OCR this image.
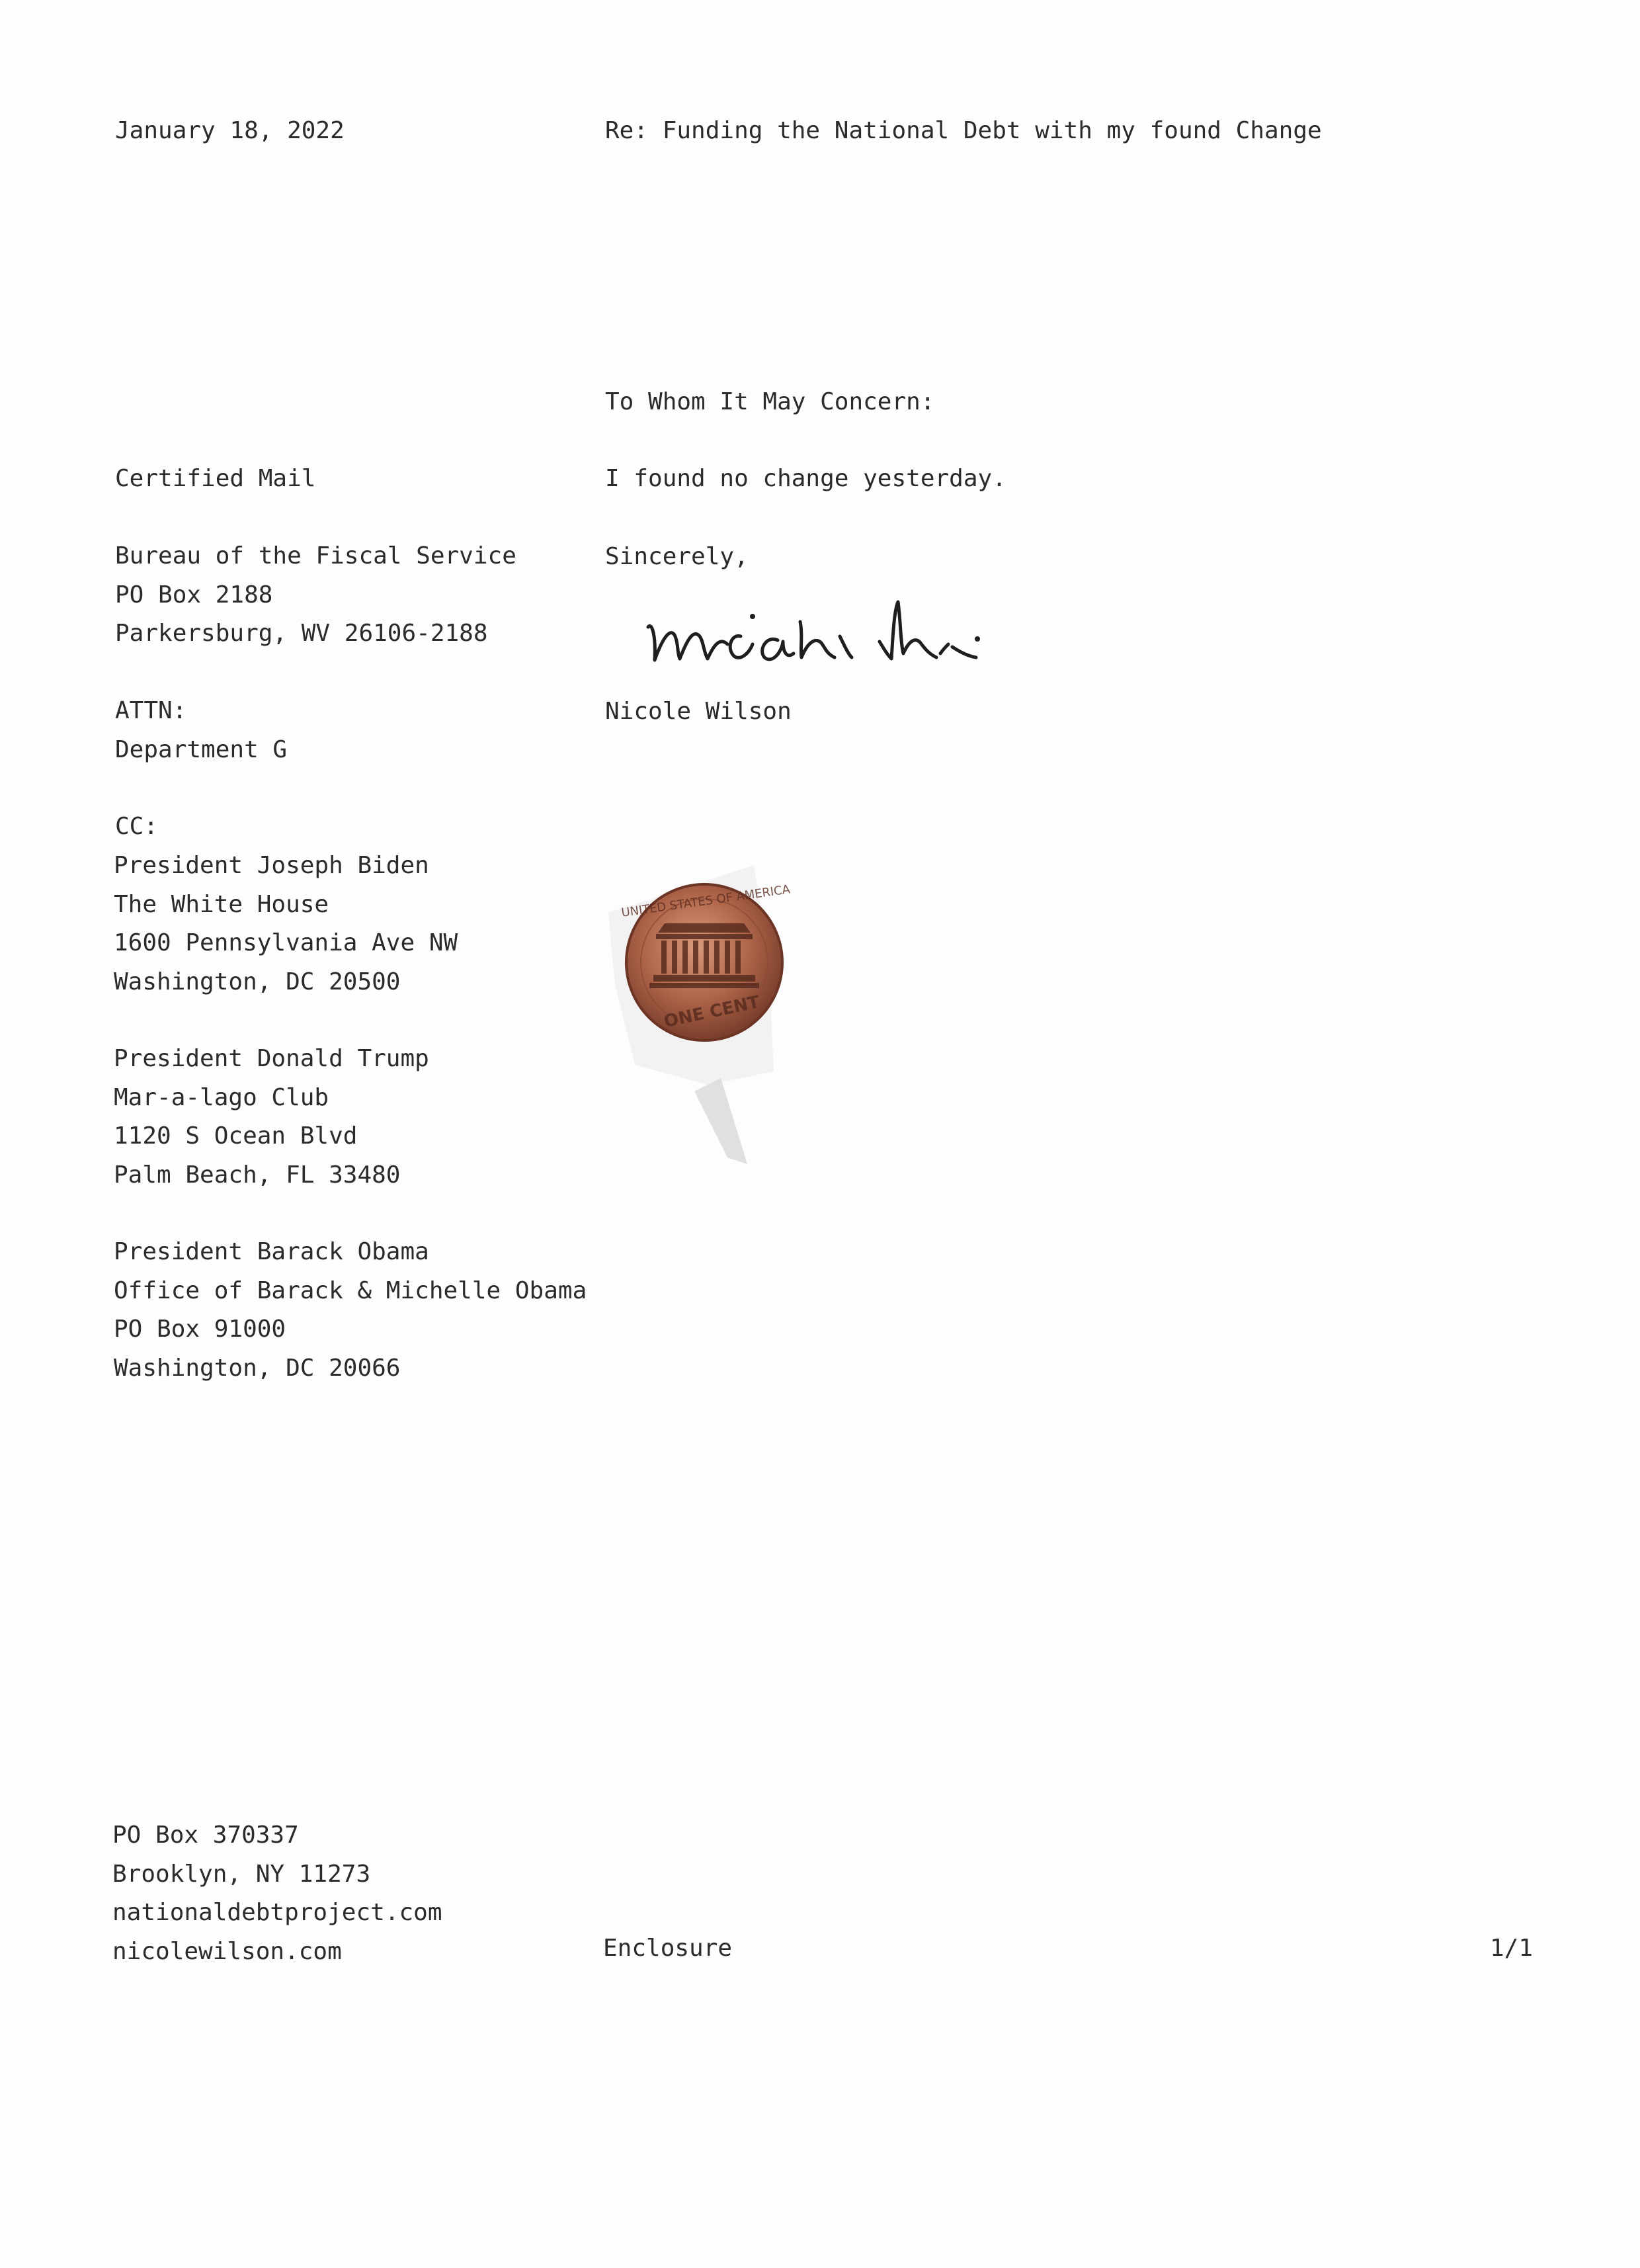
January 18, 2022	Re: Funding the National Debt with my found Change
To Whom It May Concern:
I found no change yesterday.
Sincerely,
Nicole Wilson
Certified Mail
Enclosure	1/1
Bureau of the Fiscal Service
PO Box 2188
Parkersburg, WV 26106-2188
ATTN:
Department G
CC:
President Joseph Biden
The White House
1600 Pennsylvania Ave NW
Washington, DC 20500
President Donald Trump
Mar-a-lago Club
1120 S Ocean Blvd
Palm Beach, FL 33480
President Barack Obama
Office of Barack & Michelle Obama
PO Box 91000
Washington, DC 20066
PO Box 370337
Brooklyn, NY 11273
nationaldebtproject.com
nicolewilson.com
UNITED STATES OF AMERICA
ONE CENT
